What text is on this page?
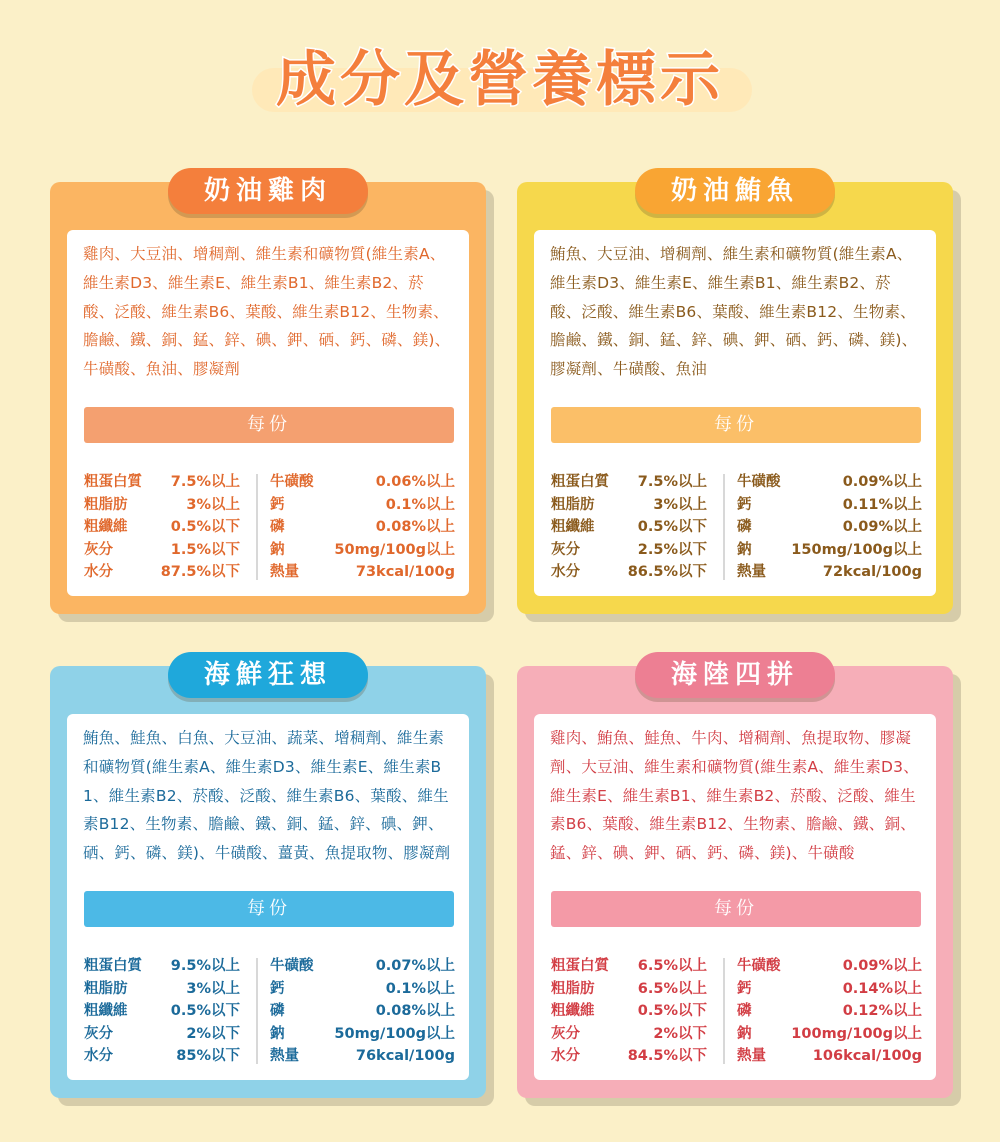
成分及營養標示
奶油雞肉
雞肉、大豆油、增稠劑、維生素和礦物質(維生素A、維生素D3、維生素E、維生素B1、維生素B2、菸酸、泛酸、維生素B6、葉酸、維生素B12、生物素、膽鹼、鐵、銅、錳、鋅、碘、鉀、硒、鈣、磷、鎂)、牛磺酸、魚油、膠凝劑
每份
粗蛋白質 7.5%以上
粗脂肪	3%以上
粗纖維	0.5%以下
灰分	1.5%以下
水分	87.5%以下
牛磺酸	0.06%以上
鈣	0.1%以上
磷	0.08%以上
鈉	50mg/100g以上
熱量	73kcal/100g
奶油鮪魚
鮪魚、大豆油、增稠劑、維生素和礦物質(維生素A、維生素D3、維生素E、維生素B1、維生素B2、菸酸、泛酸、維生素B6、葉酸、維生素B12、生物素、膽鹼、鐵、銅、錳、鋅、碘、鉀、硒、鈣、磷、鎂)、膠凝劑、牛磺酸、魚油
每份
粗蛋白質 7.5%以上
粗脂肪	3%以上
粗纖維	0.5%以下
灰分	2.5%以下
水分	86.5%以下
牛磺酸	0.09%以上
鈣	0.11%以上
磷	0.09%以上
鈉	150mg/100g以上
熱量	72kcal/100g
海鮮狂想
鮪魚、鮭魚、白魚、大豆油、蔬菜、增稠劑、維生素和礦物質(維生素A、維生素D3、維生素E、維生素B1、維生素B2、菸酸、泛酸、維生素B6、葉酸、維生素B12、生物素、膽鹼、鐵、銅、錳、鋅、碘、鉀、硒、鈣、磷、鎂)、牛磺酸、薑黃、魚提取物、膠凝劑
每份
粗蛋白質 9.5%以上
粗脂肪	3%以上
粗纖維	0.5%以下
灰分	2%以下
水分	85%以下
牛磺酸	0.07%以上
鈣	0.1%以上
磷	0.08%以上
鈉	50mg/100g以上
熱量	76kcal/100g
海陸四拼
雞肉、鮪魚、鮭魚、牛肉、增稠劑、魚提取物、膠凝劑、大豆油、維生素和礦物質(維生素A、維生素D3、維生素E、維生素B1、維生素B2、菸酸、泛酸、維生素B6、葉酸、維生素B12、生物素、膽鹼、鐵、銅、錳、鋅、碘、鉀、硒、鈣、磷、鎂)、牛磺酸
每份
粗蛋白質 6.5%以上
粗脂肪	6.5%以上
粗纖維	0.5%以下
灰分	2%以下
水分	84.5%以下
牛磺酸	0.09%以上
鈣	0.14%以上
磷	0.12%以上
鈉	100mg/100g以上
熱量	106kcal/100g
